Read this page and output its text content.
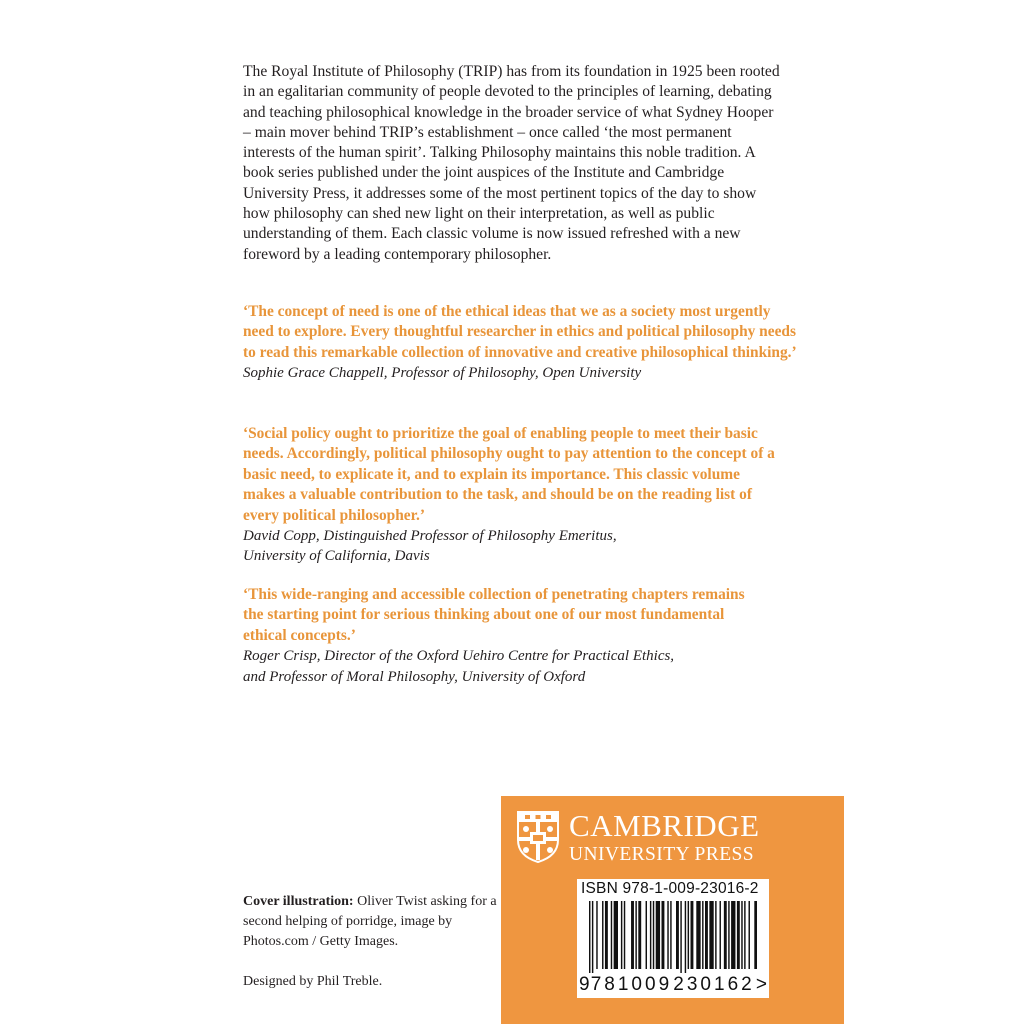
The Royal Institute of Philosophy (TRIP) has from its foundation in 1925 been rooted in an egalitarian community of people devoted to the principles of learning, debating and teaching philosophical knowledge in the broader service of what Sydney Hooper – main mover behind TRIP’s establishment – once called ‘the most permanent interests of the human spirit’. Talking Philosophy maintains this noble tradition. A book series published under the joint auspices of the Institute and Cambridge University Press, it addresses some of the most pertinent topics of the day to show how philosophy can shed new light on their interpretation, as well as public understanding of them. Each classic volume is now issued refreshed with a new foreword by a leading contemporary philosopher.

‘The concept of need is one of the ethical ideas that we as a society most urgently need to explore. Every thoughtful researcher in ethics and political philosophy needs to read this remarkable collection of innovative and creative philosophical thinking.’

Sophie Grace Chappell, Professor of Philosophy, Open University

‘Social policy ought to prioritize the goal of enabling people to meet their basic needs. Accordingly, political philosophy ought to pay attention to the concept of a basic need, to explicate it, and to explain its importance. This classic volume makes a valuable contribution to the task, and should be on the reading list of every political philosopher.’

David Copp, Distinguished Professor of Philosophy Emeritus,

University of California, Davis

‘This wide-ranging and accessible collection of penetrating chapters remains the starting point for serious thinking about one of our most fundamental ethical concepts.’

Roger Crisp, Director of the Oxford Uehiro Centre for Practical Ethics,

and Professor of Moral Philosophy, University of Oxford

Cover illustration: Oliver Twist asking for a second helping of porridge, image by Photos.com / Getty Images.

Designed by Phil Treble.

CAMBRIDGE
UNIVERSITY PRESS
ISBN 978-1-009-23016-2
9 781009 230162 >
